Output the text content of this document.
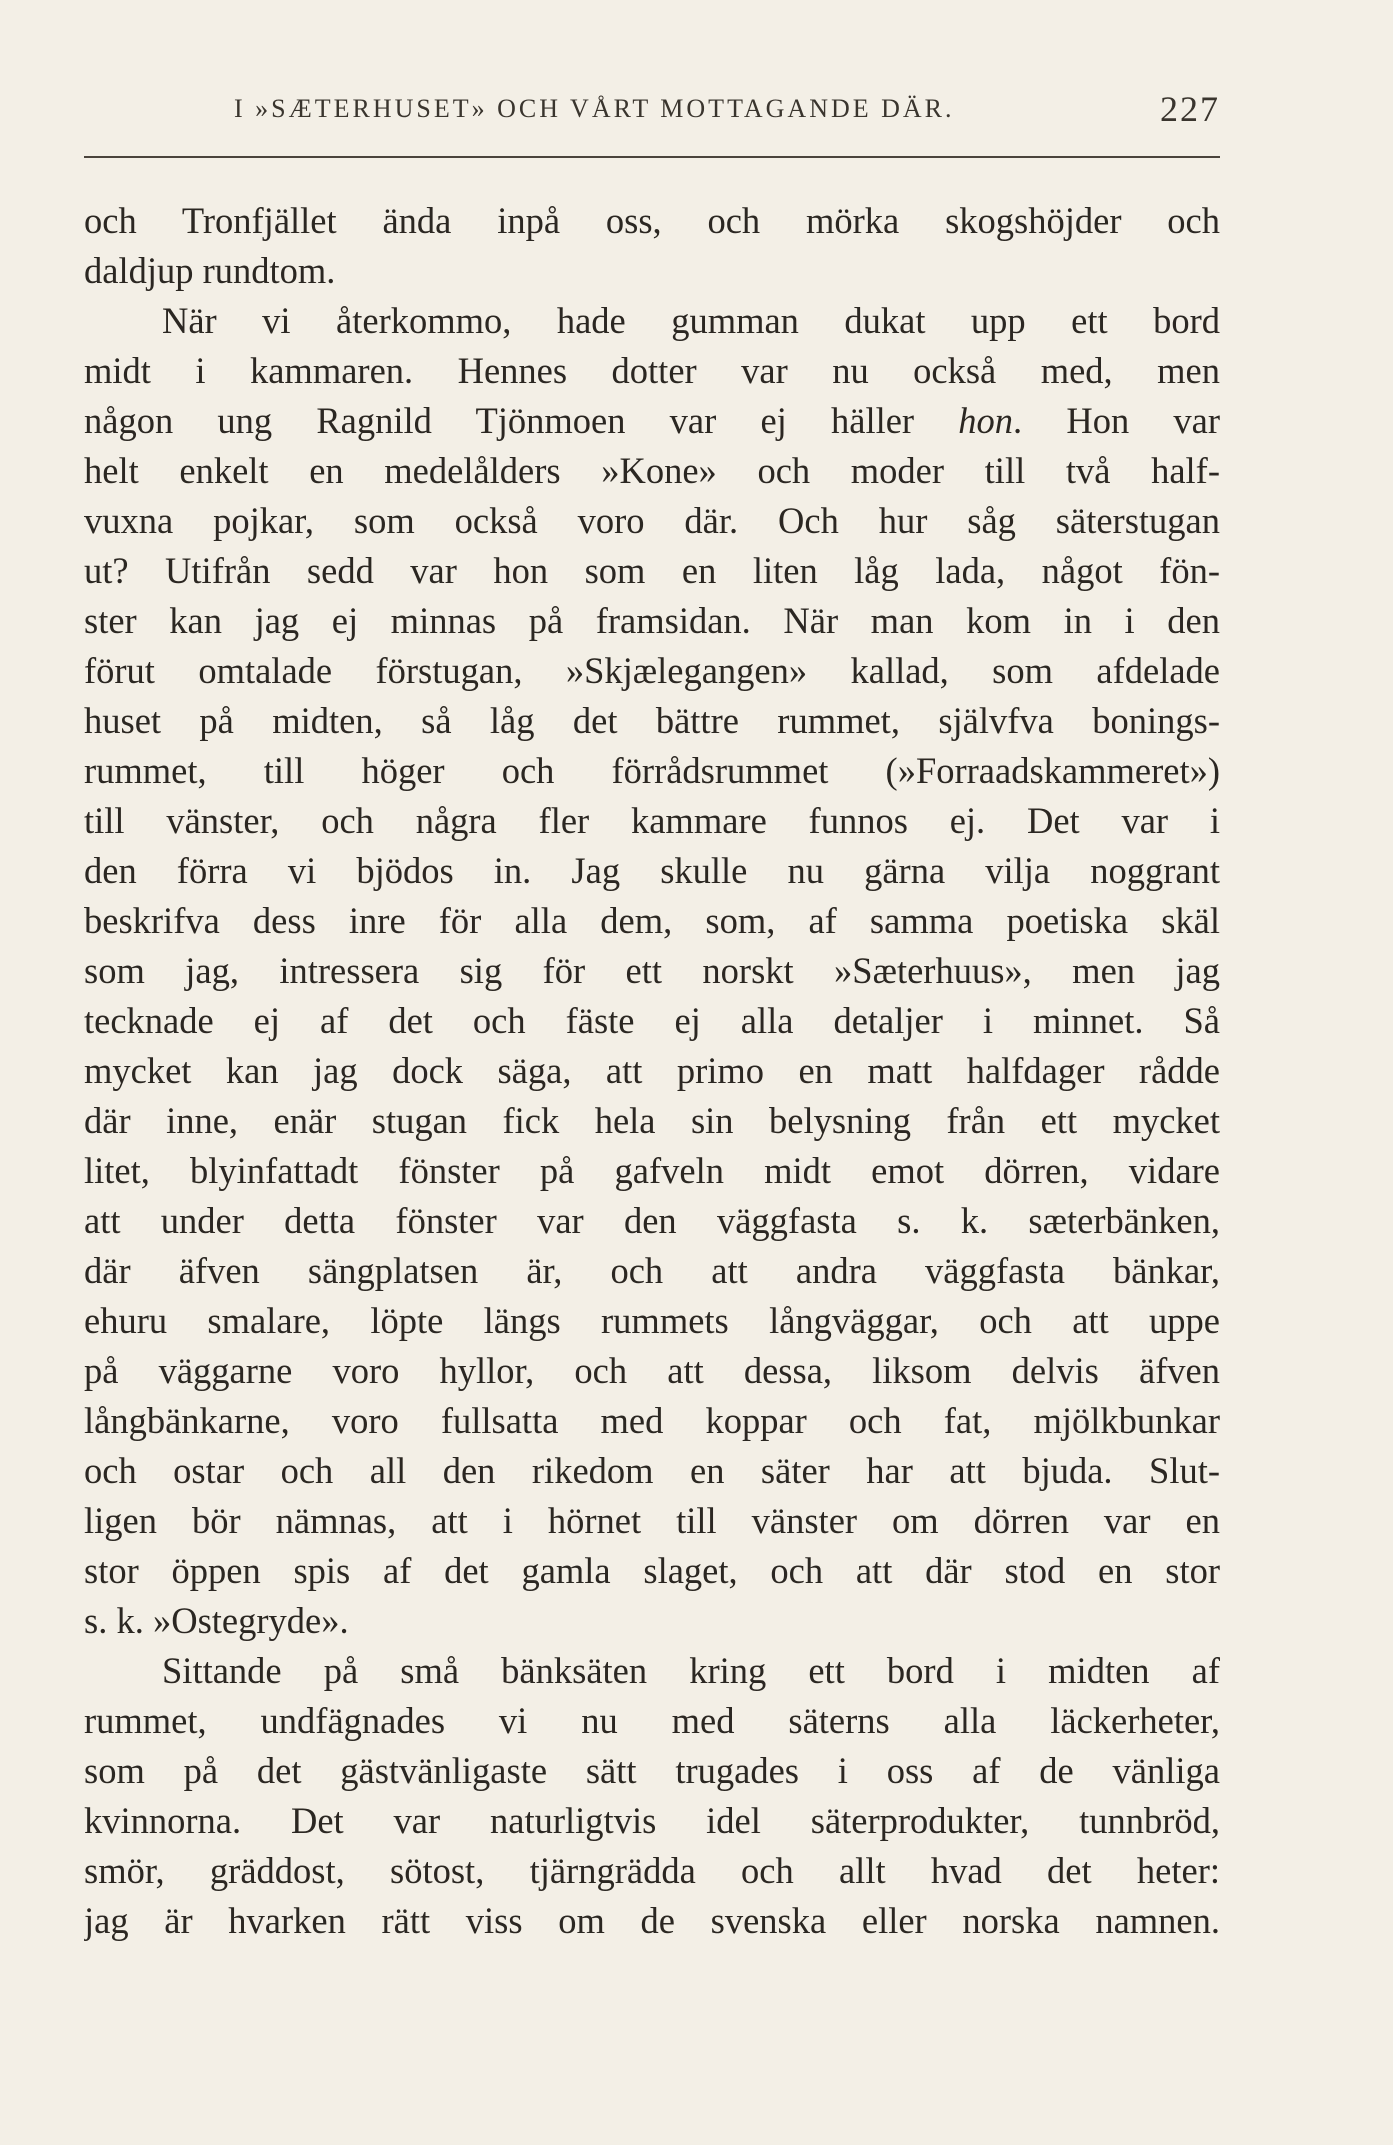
I »SÆTERHUSET» OCH VÅRT MOTTAGANDE DÄR.	227
och Tronfjället ända inpå oss, och mörka skogshöjder och
daldjup rundtom.
När vi återkommo, hade gumman dukat upp ett bord
midt i kammaren. Hennes dotter var nu också med, men
någon ung Ragnild Tjönmoen var ej häller hon. Hon var
helt enkelt en medelålders »Kone» och moder till två half-
vuxna pojkar, som också voro där. Och hur såg säterstugan
ut? Utifrån sedd var hon som en liten låg lada, något fön-
ster kan jag ej minnas på framsidan. När man kom in i den
förut omtalade förstugan, »Skjælegangen» kallad, som afdelade
huset på midten, så låg det bättre rummet, självfva bonings-
rummet, till höger och förrådsrummet (»Forraadskammeret»)
till vänster, och några fler kammare funnos ej. Det var i
den förra vi bjödos in. Jag skulle nu gärna vilja noggrant
beskrifva dess inre för alla dem, som, af samma poetiska skäl
som jag, intressera sig för ett norskt »Sæterhuus», men jag
tecknade ej af det och fäste ej alla detaljer i minnet. Så
mycket kan jag dock säga, att primo en matt halfdager rådde
där inne, enär stugan fick hela sin belysning från ett mycket
litet, blyinfattadt fönster på gafveln midt emot dörren, vidare
att under detta fönster var den väggfasta s. k. sæterbänken,
där äfven sängplatsen är, och att andra väggfasta bänkar,
ehuru smalare, löpte längs rummets långväggar, och att uppe
på väggarne voro hyllor, och att dessa, liksom delvis äfven
långbänkarne, voro fullsatta med koppar och fat, mjölkbunkar
och ostar och all den rikedom en säter har att bjuda. Slut-
ligen bör nämnas, att i hörnet till vänster om dörren var en
stor öppen spis af det gamla slaget, och att där stod en stor
s. k. »Ostegryde».
Sittande på små bänksäten kring ett bord i midten af
rummet, undfägnades vi nu med säterns alla läckerheter,
som på det gästvänligaste sätt trugades i oss af de vänliga
kvinnorna. Det var naturligtvis idel säterprodukter, tunnbröd,
smör, gräddost, sötost, tjärngrädda och allt hvad det heter:
jag är hvarken rätt viss om de svenska eller norska namnen.
